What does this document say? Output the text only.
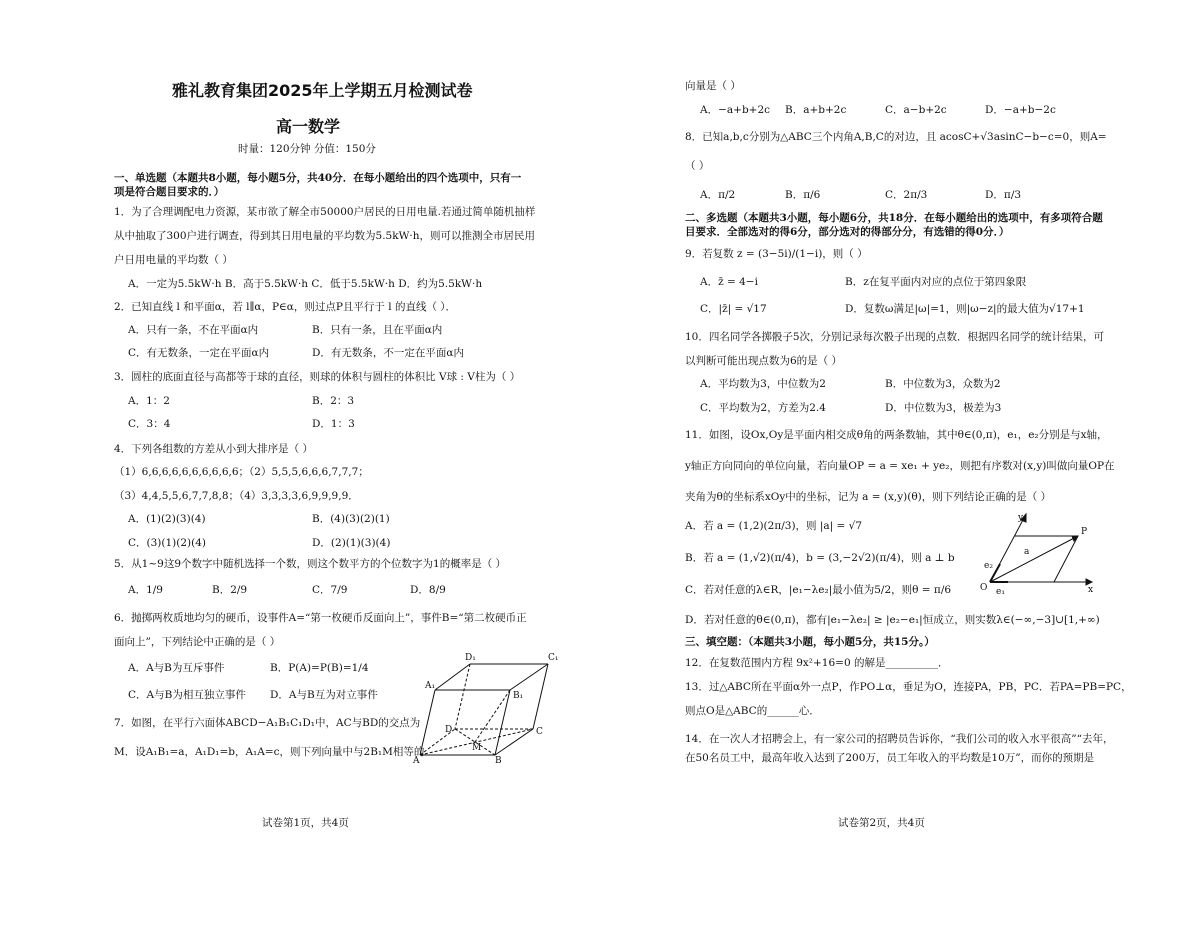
雅礼教育集团2025年上学期五月检测试卷
高一数学
时量：120分钟 分值：150分
一、单选题（本题共8小题，每小题5分，共40分．在每小题给出的四个选项中，只有一
项是符合题目要求的．）
1．为了合理调配电力资源，某市欲了解全市50000户居民的日用电量.若通过简单随机抽样
从中抽取了300户进行调查，得到其日用电量的平均数为5.5kW·h，则可以推测全市居民用
户日用电量的平均数（ ）
A．一定为5.5kW·h B．高于5.5kW·h C．低于5.5kW·h D．约为5.5kW·h
2．已知直线 l 和平面α，若 l∥α，P∈α，则过点P且平行于 l 的直线（ ）．
A．只有一条，不在平面α内	B．只有一条，且在平面α内
C．有无数条，一定在平面α内	D．有无数条，不一定在平面α内
3．圆柱的底面直径与高都等于球的直径，则球的体积与圆柱的体积比 V球 : V柱为（ ）
A．1：2	B．2：3
C．3：4	D．1：3
4．下列各组数的方差从小到大排序是（ ）
（1）6,6,6,6,6,6,6,6,6,6；（2）5,5,5,6,6,6,7,7,7；
（3）4,4,5,5,6,7,7,8,8；（4）3,3,3,3,6,9,9,9,9．
A．(1)(2)(3)(4)	B．(4)(3)(2)(1)
C．(3)(1)(2)(4)	D．(2)(1)(3)(4)
5．从1~9这9个数字中随机选择一个数，则这个数平方的个位数字为1的概率是（ ）
A．1/9	B．2/9	C．7/9	D．8/9
6．抛掷两枚质地均匀的硬币，设事件A=“第一枚硬币反面向上”，事件B=“第二枚硬币正
面向上”，下列结论中正确的是（ ）
A．A与B为互斥事件	B．P(A)=P(B)=1/4
C．A与B为相互独立事件 D．A与B互为对立事件
7．如图，在平行六面体ABCD−A₁B₁C₁D₁中，AC与BD的交点为
M．设A₁B₁=a，A₁D₁=b，A₁A=c，则下列向量中与2B₁M相等的
D₁	C₁
A₁
B₁
D	C
M
A	B
试卷第1页，共4页
向量是（ ）
A．−a+b+2c B．a+b+2c	C．a−b+2c	D．−a+b−2c
8．已知a,b,c分别为△ABC三个内角A,B,C的对边，且 acosC+√3asinC−b−c=0，则A=
（ ）
A．π/2	B．π/6	C．2π/3	D．π/3
二、多选题（本题共3小题，每小题6分，共18分．在每小题给出的选项中，有多项符合题
目要求．全部选对的得6分，部分选对的得部分分，有选错的得0分．）
9．若复数 z = (3−5i)/(1−i)，则（ ）
A．z̄ = 4−i	B．z在复平面内对应的点位于第四象限
C．|z̄| = √17	D．复数ω满足|ω|=1，则|ω−z|的最大值为√17+1
10．四名同学各掷骰子5次，分别记录每次骰子出现的点数．根据四名同学的统计结果，可
以判断可能出现点数为6的是（ ）
A．平均数为3，中位数为2	B．中位数为3，众数为2
C．平均数为2，方差为2.4	D．中位数为3，极差为3
11．如图，设Ox,Oy是平面内相交成θ角的两条数轴，其中θ∈(0,π)，e₁，e₂分别是与x轴，
y轴正方向同向的单位向量，若向量OP = a = xe₁ + ye₂，则把有序数对(x,y)叫做向量OP在
夹角为θ的坐标系xOy中的坐标，记为 a = (x,y)(θ)，则下列结论正确的是（ ）
A．若 a = (1,2)(2π/3)，则 |a| = √7
B．若 a = (1,√2)(π/4)，b = (3,−2√2)(π/4)，则 a ⊥ b
C．若对任意的λ∈R，|e₁−λe₂|最小值为5/2，则θ = π/6
D．若对任意的θ∈(0,π)，都有|e₁−λe₂| ≥ |e₂−e₁|恒成立，则实数λ∈(−∞,−3]∪[1,+∞)
y
P
e₂
a
O e₁	x
三、填空题：（本题共3小题，每小题5分，共15分。）
12．在复数范围内方程 9x²+16=0 的解是__________．
13．过△ABC所在平面α外一点P，作PO⊥α，垂足为O，连接PA，PB，PC．若PA=PB=PC，
则点O是△ABC的______心．
14．在一次人才招聘会上，有一家公司的招聘员告诉你，“我们公司的收入水平很高”“去年，
在50名员工中，最高年收入达到了200万，员工年收入的平均数是10万”，而你的预期是
试卷第2页，共4页
